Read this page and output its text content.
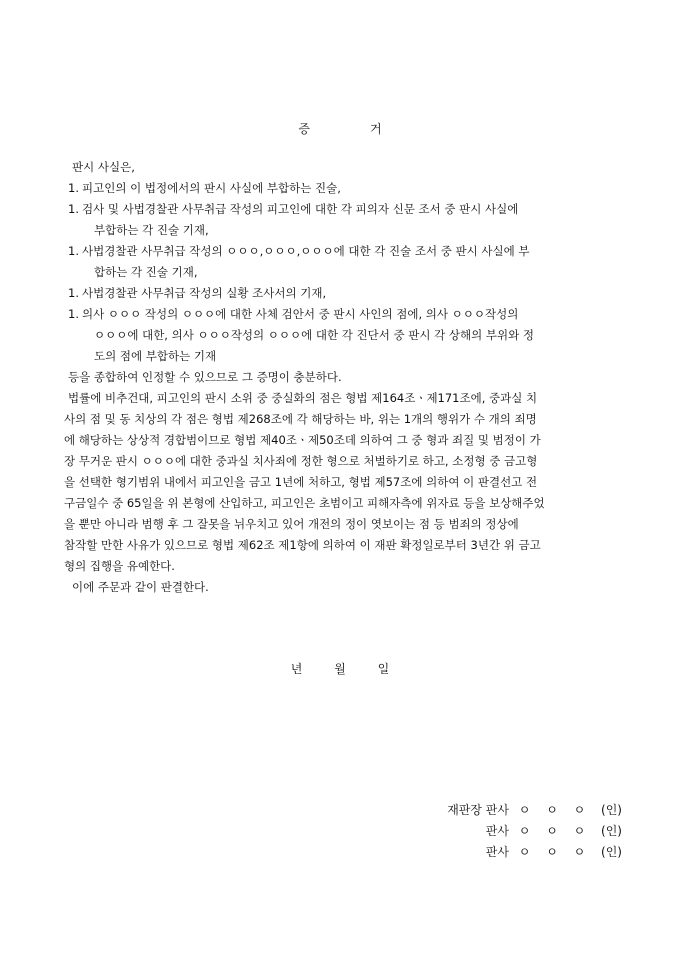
증	거
판시 사실은,
1. 피고인의 이 법정에서의 판시 사실에 부합하는 진술,
1. 검사 및 사법경찰관 사무취급 작성의 피고인에 대한 각 피의자 신문 조서 중 판시 사실에
부합하는 각 진술 기재,
1. 사법경찰관 사무취급 작성의 ㅇㅇㅇ,ㅇㅇㅇ,ㅇㅇㅇ에 대한 각 진술 조서 중 판시 사실에 부
합하는 각 진술 기재,
1. 사법경찰관 사무취급 작성의 실황 조사서의 기재,
1. 의사 ㅇㅇㅇ 작성의 ㅇㅇㅇ에 대한 사체 검안서 중 판시 사인의 점에, 의사 ㅇㅇㅇ작성의
ㅇㅇㅇ에 대한, 의사 ㅇㅇㅇ작성의 ㅇㅇㅇ에 대한 각 진단서 중 판시 각 상해의 부위와 정
도의 점에 부합하는 기재
등을 종합하여 인정할 수 있으므로 그 증명이 충분하다.
법률에 비추건대, 피고인의 판시 소위 중 중실화의 점은 형법 제164조ㆍ제171조에, 중과실 치
사의 점 및 동 치상의 각 점은 형법 제268조에 각 해당하는 바, 위는 1개의 행위가 수 개의 죄명
에 해당하는 상상적 경합범이므로 형법 제40조ㆍ제50조데 의하여 그 중 형과 죄질 및 범정이 가
장 무거운 판시 ㅇㅇㅇ에 대한 중과실 치사죄에 정한 형으로 처벌하기로 하고, 소정형 중 금고형
을 선택한 형기범위 내에서 피고인을 금고 1년에 처하고, 형법 제57조에 의하여 이 판결선고 전
구금일수 중 65일을 위 본형에 산입하고, 피고인은 초범이고 피해자측에 위자료 등을 보상해주었
을 뿐만 아니라 범행 후 그 잘못을 뉘우치고 있어 개전의 정이 엿보이는 점 등 범죄의 정상에
참작할 만한 사유가 있으므로 형법 제62조 제1항에 의하여 이 재판 확정일로부터 3년간 위 금고
형의 집행을 유예한다.
이에 주문과 같이 판결한다.
년	월	일
재판장 판사 ㅇ ㅇ ㅇ (인)
판사 ㅇ ㅇ ㅇ (인)
판사 ㅇ ㅇ ㅇ (인)
